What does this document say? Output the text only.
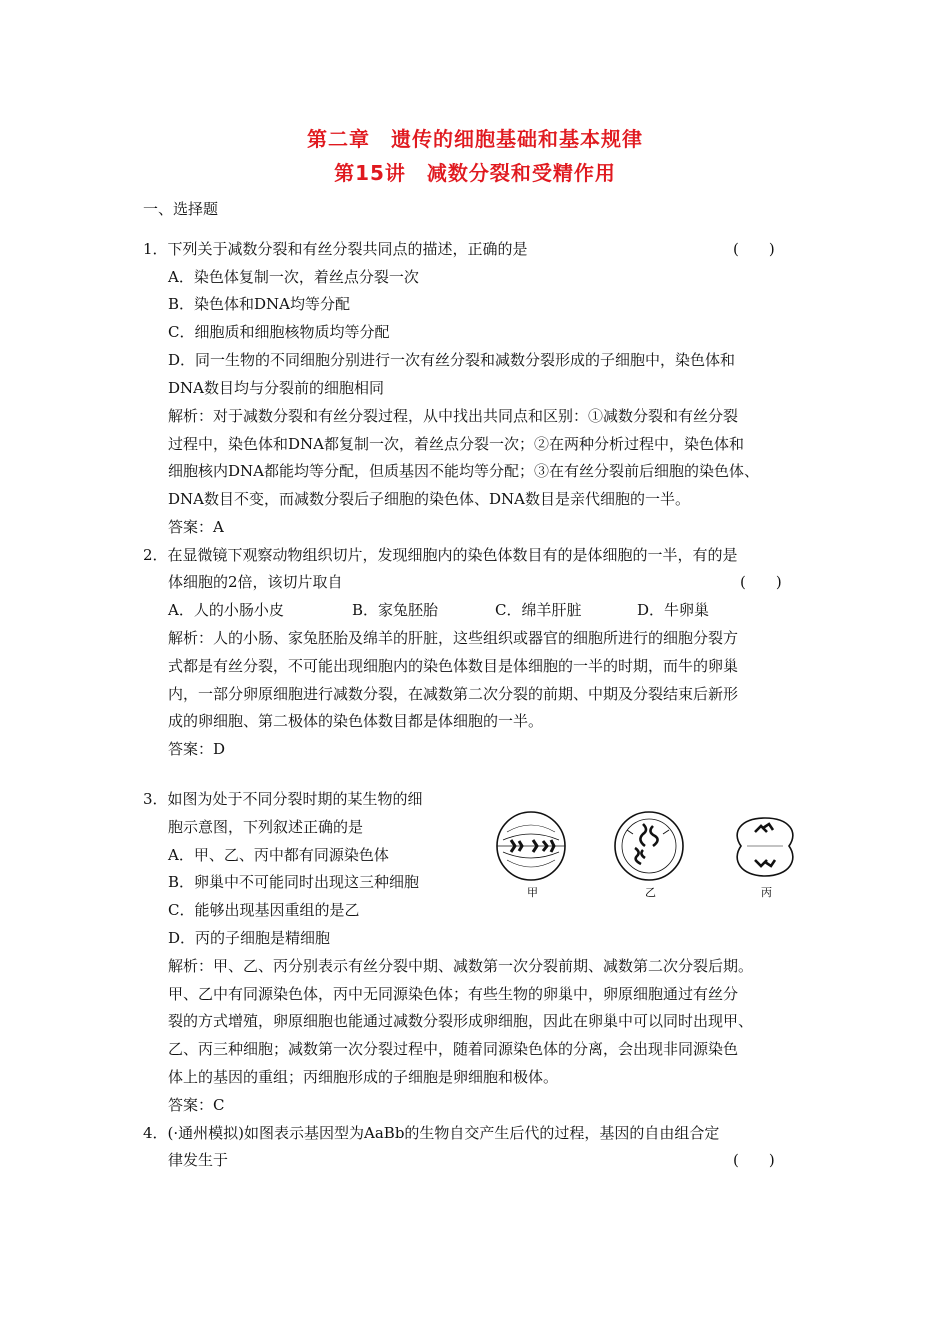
第二章　遗传的细胞基础和基本规律
第15讲　减数分裂和受精作用
一、选择题
1．下列关于减数分裂和有丝分裂共同点的描述，正确的是	(　　)
A．染色体复制一次，着丝点分裂一次
B．染色体和DNA均等分配
C．细胞质和细胞核物质均等分配
D．同一生物的不同细胞分别进行一次有丝分裂和减数分裂形成的子细胞中，染色体和
DNA数目均与分裂前的细胞相同
解析：对于减数分裂和有丝分裂过程，从中找出共同点和区别：①减数分裂和有丝分裂
过程中，染色体和DNA都复制一次，着丝点分裂一次；②在两种分析过程中，染色体和
细胞核内DNA都能均等分配，但质基因不能均等分配；③在有丝分裂前后细胞的染色体、
DNA数目不变，而减数分裂后子细胞的染色体、DNA数目是亲代细胞的一半。
答案：A
2．在显微镜下观察动物组织切片，发现细胞内的染色体数目有的是体细胞的一半，有的是
体细胞的2倍，该切片取自	(　　)
A．人的小肠小皮	B．家兔胚胎	C．绵羊肝脏	D．牛卵巢
解析：人的小肠、家兔胚胎及绵羊的肝脏，这些组织或器官的细胞所进行的细胞分裂方
式都是有丝分裂，不可能出现细胞内的染色体数目是体细胞的一半的时期，而牛的卵巢
内，一部分卵原细胞进行减数分裂，在减数第二次分裂的前期、中期及分裂结束后新形
成的卵细胞、第二极体的染色体数目都是体细胞的一半。
答案：D
3．如图为处于不同分裂时期的某生物的细
胞示意图，下列叙述正确的是
A．甲、乙、丙中都有同源染色体
B．卵巢中不可能同时出现这三种细胞
C．能够出现基因重组的是乙
D．丙的子细胞是精细胞
甲	乙	丙
解析：甲、乙、丙分别表示有丝分裂中期、减数第一次分裂前期、减数第二次分裂后期。
甲、乙中有同源染色体，丙中无同源染色体；有些生物的卵巢中，卵原细胞通过有丝分
裂的方式增殖，卵原细胞也能通过减数分裂形成卵细胞，因此在卵巢中可以同时出现甲、
乙、丙三种细胞；减数第一次分裂过程中，随着同源染色体的分离，会出现非同源染色
体上的基因的重组；丙细胞形成的子细胞是卵细胞和极体。
答案：C
4．(·通州模拟)如图表示基因型为AaBb的生物自交产生后代的过程，基因的自由组合定
律发生于	(　　)
